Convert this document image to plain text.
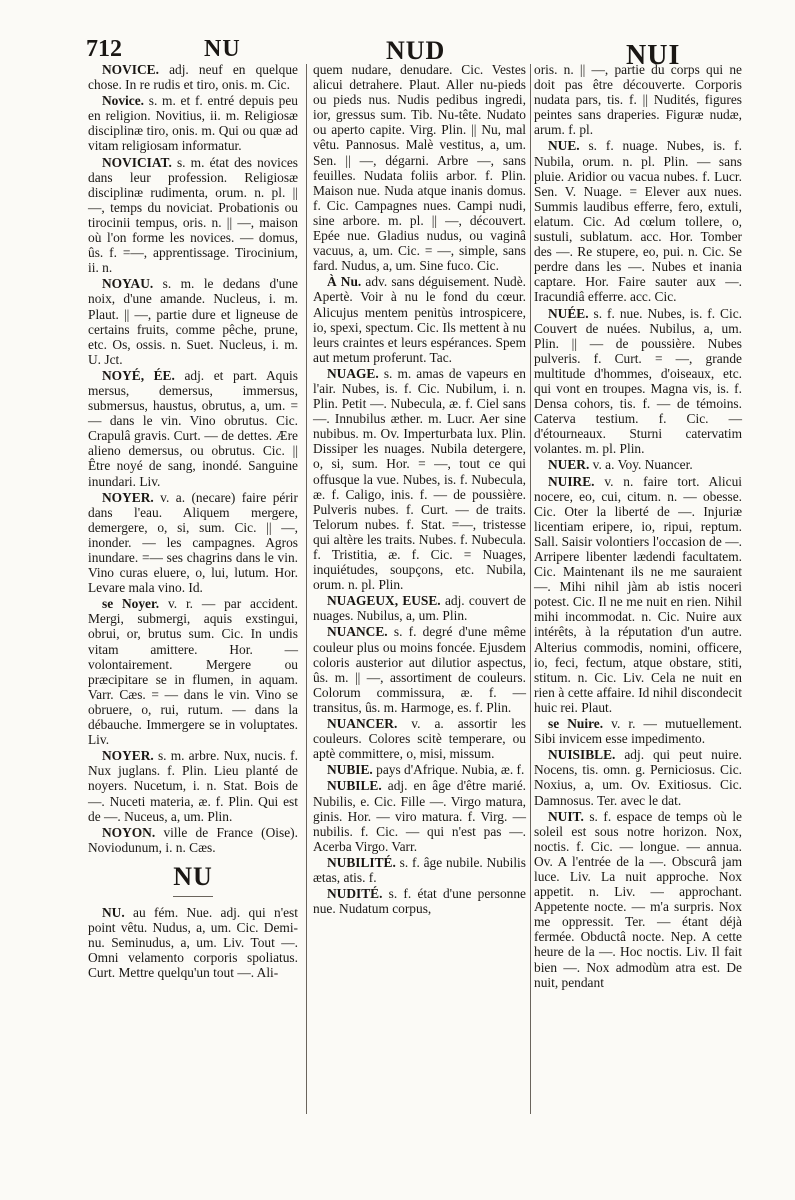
712	NU	NUD	NUI

NOVICE. adj. neuf en quelque chose. In re rudis et tiro, onis. m. Cic.

Novice. s. m. et f. entré depuis peu en religion. Novitius, ii. m. Religiosæ disciplinæ tiro, onis. m. Qui ou quæ ad vitam religiosam informatur.

NOVICIAT. s. m. état des novices dans leur profession. Religiosæ disciplinæ rudimenta, orum. n. pl. || —, temps du noviciat. Probationis ou tirocinii tempus, oris. n. || —, maison où l'on forme les novices. — domus, ûs. f. =—, apprentissage. Tirocinium, ii. n.

NOYAU. s. m. le dedans d'une noix, d'une amande. Nucleus, i. m. Plaut. || —, partie dure et ligneuse de certains fruits, comme pêche, prune, etc. Os, ossis. n. Suet. Nucleus, i. m. U. Jct.

NOYÉ, ÉE. adj. et part. Aquis mersus, demersus, immersus, submersus, haustus, obrutus, a, um. =— dans le vin. Vino obrutus. Cic. Crapulâ gravis. Curt. — de dettes. Ære alieno demersus, ou obrutus. Cic. || Être noyé de sang, inondé. Sanguine inundari. Liv.

NOYER. v. a. (necare) faire périr dans l'eau. Aliquem mergere, demergere, o, si, sum. Cic. || —, inonder. — les campagnes. Agros inundare. =— ses chagrins dans le vin. Vino curas eluere, o, lui, lutum. Hor. Levare mala vino. Id.

se Noyer. v. r. — par accident. Mergi, submergi, aquis exstingui, obrui, or, brutus sum. Cic. In undis vitam amittere. Hor. — volontairement. Mergere ou præcipitare se in flumen, in aquam. Varr. Cæs. = — dans le vin. Vino se obruere, o, rui, rutum. — dans la débauche. Immergere se in voluptates. Liv.

NOYER. s. m. arbre. Nux, nucis. f. Nux juglans. f. Plin. Lieu planté de noyers. Nucetum, i. n. Stat. Bois de —. Nuceti materia, æ. f. Plin. Qui est de —. Nuceus, a, um. Plin.

NOYON. ville de France (Oise). Noviodunum, i. n. Cæs.

NU

NU. au fém. Nue. adj. qui n'est point vêtu. Nudus, a, um. Cic. Demi-nu. Seminudus, a, um. Liv. Tout —. Omni velamento corporis spoliatus. Curt. Mettre quelqu'un tout —. Ali-

quem nudare, denudare. Cic. Vestes alicui detrahere. Plaut. Aller nu-pieds ou pieds nus. Nudis pedibus ingredi, ior, gressus sum. Tib. Nu-tête. Nudato ou aperto capite. Virg. Plin. || Nu, mal vêtu. Pannosus. Malè vestitus, a, um. Sen. || —, dégarni. Arbre —, sans feuilles. Nudata foliis arbor. f. Plin. Maison nue. Nuda atque inanis domus. f. Cic. Campagnes nues. Campi nudi, sine arbore. m. pl. || —, découvert. Epée nue. Gladius nudus, ou vaginâ vacuus, a, um. Cic. = —, simple, sans fard. Nudus, a, um. Sine fuco. Cic.

À Nu. adv. sans déguisement. Nudè. Apertè. Voir à nu le fond du cœur. Alicujus mentem penitùs introspicere, io, spexi, spectum. Cic. Ils mettent à nu leurs craintes et leurs espérances. Spem aut metum proferunt. Tac.

NUAGE. s. m. amas de vapeurs en l'air. Nubes, is. f. Cic. Nubilum, i. n. Plin. Petit —. Nubecula, æ. f. Ciel sans —. Innubilus æther. m. Lucr. Aer sine nubibus. m. Ov. Imperturbata lux. Plin. Dissiper les nuages. Nubila detergere, o, si, sum. Hor. = —, tout ce qui offusque la vue. Nubes, is. f. Nubecula, æ. f. Caligo, inis. f. — de poussière. Pulveris nubes. f. Curt. — de traits. Telorum nubes. f. Stat. =—, tristesse qui altère les traits. Nubes. f. Nubecula. f. Tristitia, æ. f. Cic. = Nuages, inquiétudes, soupçons, etc. Nubila, orum. n. pl. Plin.

NUAGEUX, EUSE. adj. couvert de nuages. Nubilus, a, um. Plin.

NUANCE. s. f. degré d'une même couleur plus ou moins foncée. Ejusdem coloris austerior aut dilutior aspectus, ûs. m. || —, assortiment de couleurs. Colorum commissura, æ. f. — transitus, ûs. m. Harmoge, es. f. Plin.

NUANCER. v. a. assortir les couleurs. Colores scitè temperare, ou aptè committere, o, misi, missum.

NUBIE. pays d'Afrique. Nubia, æ. f.

NUBILE. adj. en âge d'être marié. Nubilis, e. Cic. Fille —. Virgo matura, ginis. Hor. — viro matura. f. Virg. — nubilis. f. Cic. — qui n'est pas —. Acerba Virgo. Varr.

NUBILITÉ. s. f. âge nubile. Nubilis ætas, atis. f.

NUDITÉ. s. f. état d'une personne nue. Nudatum corpus,

oris. n. || —, partie du corps qui ne doit pas être découverte. Corporis nudata pars, tis. f. || Nudités, figures peintes sans draperies. Figuræ nudæ, arum. f. pl.

NUE. s. f. nuage. Nubes, is. f. Nubila, orum. n. pl. Plin. — sans pluie. Aridior ou vacua nubes. f. Lucr. Sen. V. Nuage. = Elever aux nues. Summis laudibus efferre, fero, extuli, elatum. Cic. Ad cœlum tollere, o, sustuli, sublatum. acc. Hor. Tomber des —. Re stupere, eo, pui. n. Cic. Se perdre dans les —. Nubes et inania captare. Hor. Faire sauter aux —. Iracundiâ efferre. acc. Cic.

NUÉE. s. f. nue. Nubes, is. f. Cic. Couvert de nuées. Nubilus, a, um. Plin. || — de poussière. Nubes pulveris. f. Curt. = —, grande multitude d'hommes, d'oiseaux, etc. qui vont en troupes. Magna vis, is. f. Densa cohors, tis. f. — de témoins. Caterva testium. f. Cic. — d'étourneaux. Sturni catervatim volantes. m. pl. Plin.

NUER. v. a. Voy. Nuancer.

NUIRE. v. n. faire tort. Alicui nocere, eo, cui, citum. n. — obesse. Cic. Oter la liberté de —. Injuriæ licentiam eripere, io, ripui, reptum. Sall. Saisir volontiers l'occasion de —. Arripere libenter lædendi facultatem. Cic. Maintenant ils ne me sauraient —. Mihi nihil jàm ab istis noceri potest. Cic. Il ne me nuit en rien. Nihil mihi incommodat. n. Cic. Nuire aux intérêts, à la réputation d'un autre. Alterius commodis, nomini, officere, io, feci, fectum, atque obstare, stiti, stitum. n. Cic. Liv. Cela ne nuit en rien à cette affaire. Id nihil discondecit huic rei. Plaut.

se Nuire. v. r. — mutuellement. Sibi invicem esse impedimento.

NUISIBLE. adj. qui peut nuire. Nocens, tis. omn. g. Perniciosus. Cic. Noxius, a, um. Ov. Exitiosus. Cic. Damnosus. Ter. avec le dat.

NUIT. s. f. espace de temps où le soleil est sous notre horizon. Nox, noctis. f. Cic. — longue. — annua. Ov. A l'entrée de la —. Obscurâ jam luce. Liv. La nuit approche. Nox appetit. n. Liv. — approchant. Appetente nocte. — m'a surpris. Nox me oppressit. Ter. — étant déjà fermée. Obductâ nocte. Nep. A cette heure de la —. Hoc noctis. Liv. Il fait bien —. Nox admodùm atra est. De nuit, pendant
